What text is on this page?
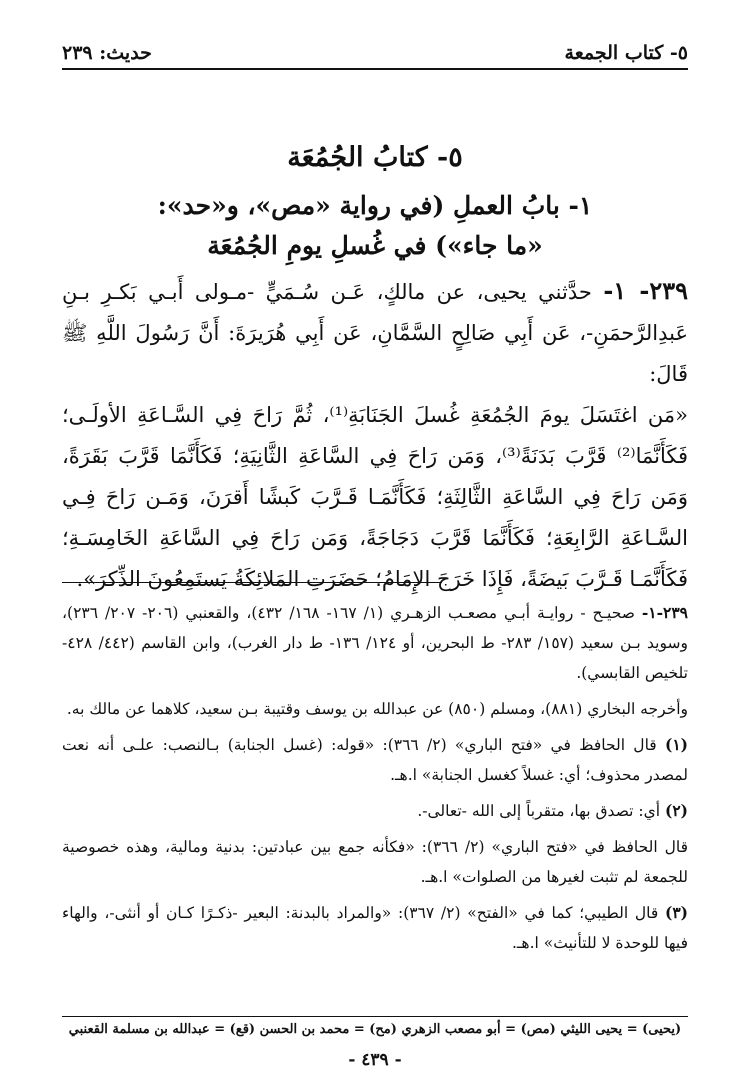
٥- كتاب الجمعة
حديث: ٢٣٩
٥- كتابُ الجُمُعَة
١- بابُ العملِ (في رواية «مص»، و«حد»: «ما جاء») في غُسلِ يومِ الجُمُعَة

٢٣٩- ١- حدَّثني يحيى، عن مالكٍ، عَـن سُـمَيٍّ -مـولى أَبـي بَكـرِ بـنِ عَبدِالرَّحمَنِ-، عَن أَبِي صَالِحٍ السَّمَّانِ، عَن أَبِي هُرَيرَةَ: أَنَّ رَسُولَ اللَّهِ ﷺ قَالَ:

«مَن اغتَسَلَ يومَ الجُمُعَةِ غُسلَ الجَنَابَةِ⁽¹⁾، ثُمَّ رَاحَ فِي السَّـاعَةِ الأولَـى؛ فَكَأَنَّمَا⁽²⁾ قَرَّبَ بَدَنَةً⁽³⁾، وَمَن رَاحَ فِي السَّاعَةِ الثَّانِيَةِ؛ فَكَأَنَّمَا قَرَّبَ بَقَرَةً، وَمَن رَاحَ فِي السَّاعَةِ الثَّالِثَةِ؛ فَكَأَنَّمَـا قَـرَّبَ كَبشًا أَقرَنَ، وَمَـن رَاحَ فِـي السَّـاعَةِ الرَّابِعَةِ؛ فَكَأَنَّمَا قَرَّبَ دَجَاجَةً، وَمَن رَاحَ فِي السَّاعَةِ الخَامِسَـةِ؛ فَكَأَنَّمَـا قَـرَّبَ بَيضَةً، فَإِذَا خَرَجَ الإِمَامُ؛ حَضَرَتِ المَلائِكَةُ يَستَمِعُونَ الذِّكرَ».

٢٣٩-١- صحيـح - روايـة أبـي مصعـب الزهـري (١/ ١٦٧- ١٦٨/ ٤٣٢)، والقعنبي (٢٠٦- ٢٠٧/ ٢٣٦)، وسويد بـن سعيد (١٥٧/ ٢٨٣- ط البحرين، أو ١٢٤/ ١٣٦- ط دار الغرب)، وابن القاسم (٤٤٢/ ٤٢٨- تلخيص القابسي).

وأخرجه البخاري (٨٨١)، ومسلم (٨٥٠) عن عبدالله بن يوسف وقتيبة بـن سعيد، كلاهما عن مالك به.

(١) قال الحافظ في «فتح الباري» (٢/ ٣٦٦): «قوله: (غسل الجنابة) بـالنصب: علـى أنه نعت لمصدر محذوف؛ أي: غسلاً كغسل الجنابة» ا.هـ.

(٢) أي: تصدق بها، متقرباً إلى الله -تعالى-.

قال الحافظ في «فتح الباري» (٢/ ٣٦٦): «فكأنه جمع بين عبادتين: بدنية ومالية، وهذه خصوصية للجمعة لم تثبت لغيرها من الصلوات» ا.هـ.

(٣) قال الطيبي؛ كما في «الفتح» (٢/ ٣٦٧): «والمراد بالبدنة: البعير -ذكـرًا كـان أو أنثى-، والهاء فيها للوحدة لا للتأنيث» ا.هـ.

(يحيى) = يحيى الليثي (مص) = أبو مصعب الزهري (مح) = محمد بن الحسن (قع) = عبدالله بن مسلمة القعنبي
- ٤٣٩ -
